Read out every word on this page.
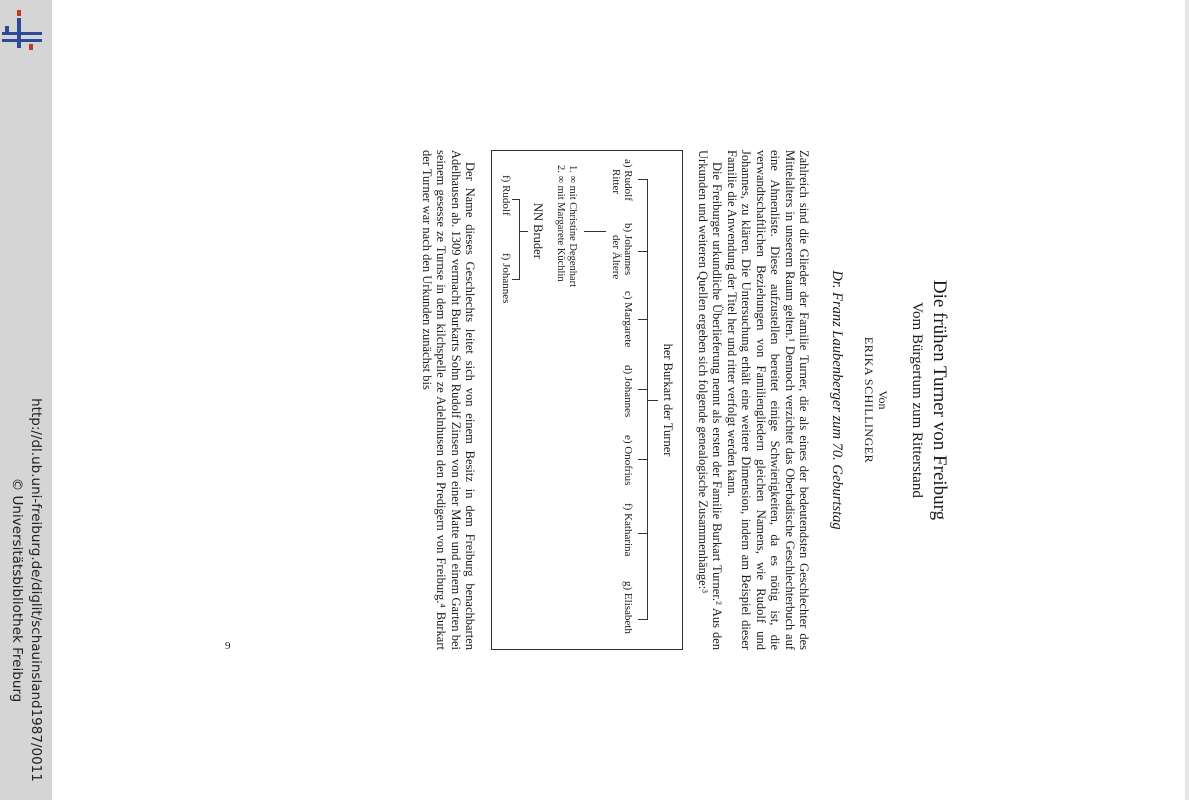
http://dl.ub.uni-freiburg.de/diglit/schauinsland1987/0011
© Universitätsbibliothek Freiburg
Die frühen Turner von Freiburg
Vom Bürgertum zum Ritterstand
Von
ERIKA SCHILLINGER
Dr. Franz Laubenberger zum 70. Geburtstag

Zahlreich sind die Glieder der Familie Turner, die als eines der bedeutendsten Geschlechter des Mittelalters in unserem Raum gelten.¹ Dennoch verzichtet das Oberbadische Geschlechterbuch auf eine Ahnenliste. Diese aufzustellen bereitet einige Schwierigkeiten, da es nötig ist, die verwandtschaftlichen Beziehungen von Familiengliedern gleichen Namens, wie Rudolf und Johannes, zu klären. Die Untersuchung erhält eine weitere Dimension, indem am Beispiel dieser Familie die Anwendung der Titel her und ritter verfolgt werden kann.

Die Freiburger urkundliche Überlieferung nennt als ersten der Familie Burkart Turner.² Aus den Urkunden und weiteren Quellen ergeben sich folgende genealogische Zusammenhänge:³

her Burkart der Turner
a) Rudolf
Ritter
b) Johannes
der Ältere
c) Margarete
d) Johannes
e) Onofrius
f) Katharina
g) Elisabeth
1. ∞ mit Christine Degenhart
2. ∞ mit Margarete Küchlin
NN Bruder
f) Rudolf
f) Johannes

Der Name dieses Geschlechts leitet sich von einem Besitz in dem Freiburg benachbarten Adelhausen ab. 1309 vermacht Burkarts Sohn Rudolf Zinsen von einer Matte und einem Garten bei seinem gesesse ze Turnse in dem kilchspelle ze Adelnhusen den Predigern von Freiburg.⁴ Burkart der Turner war nach den Urkunden zunächst bis

9
